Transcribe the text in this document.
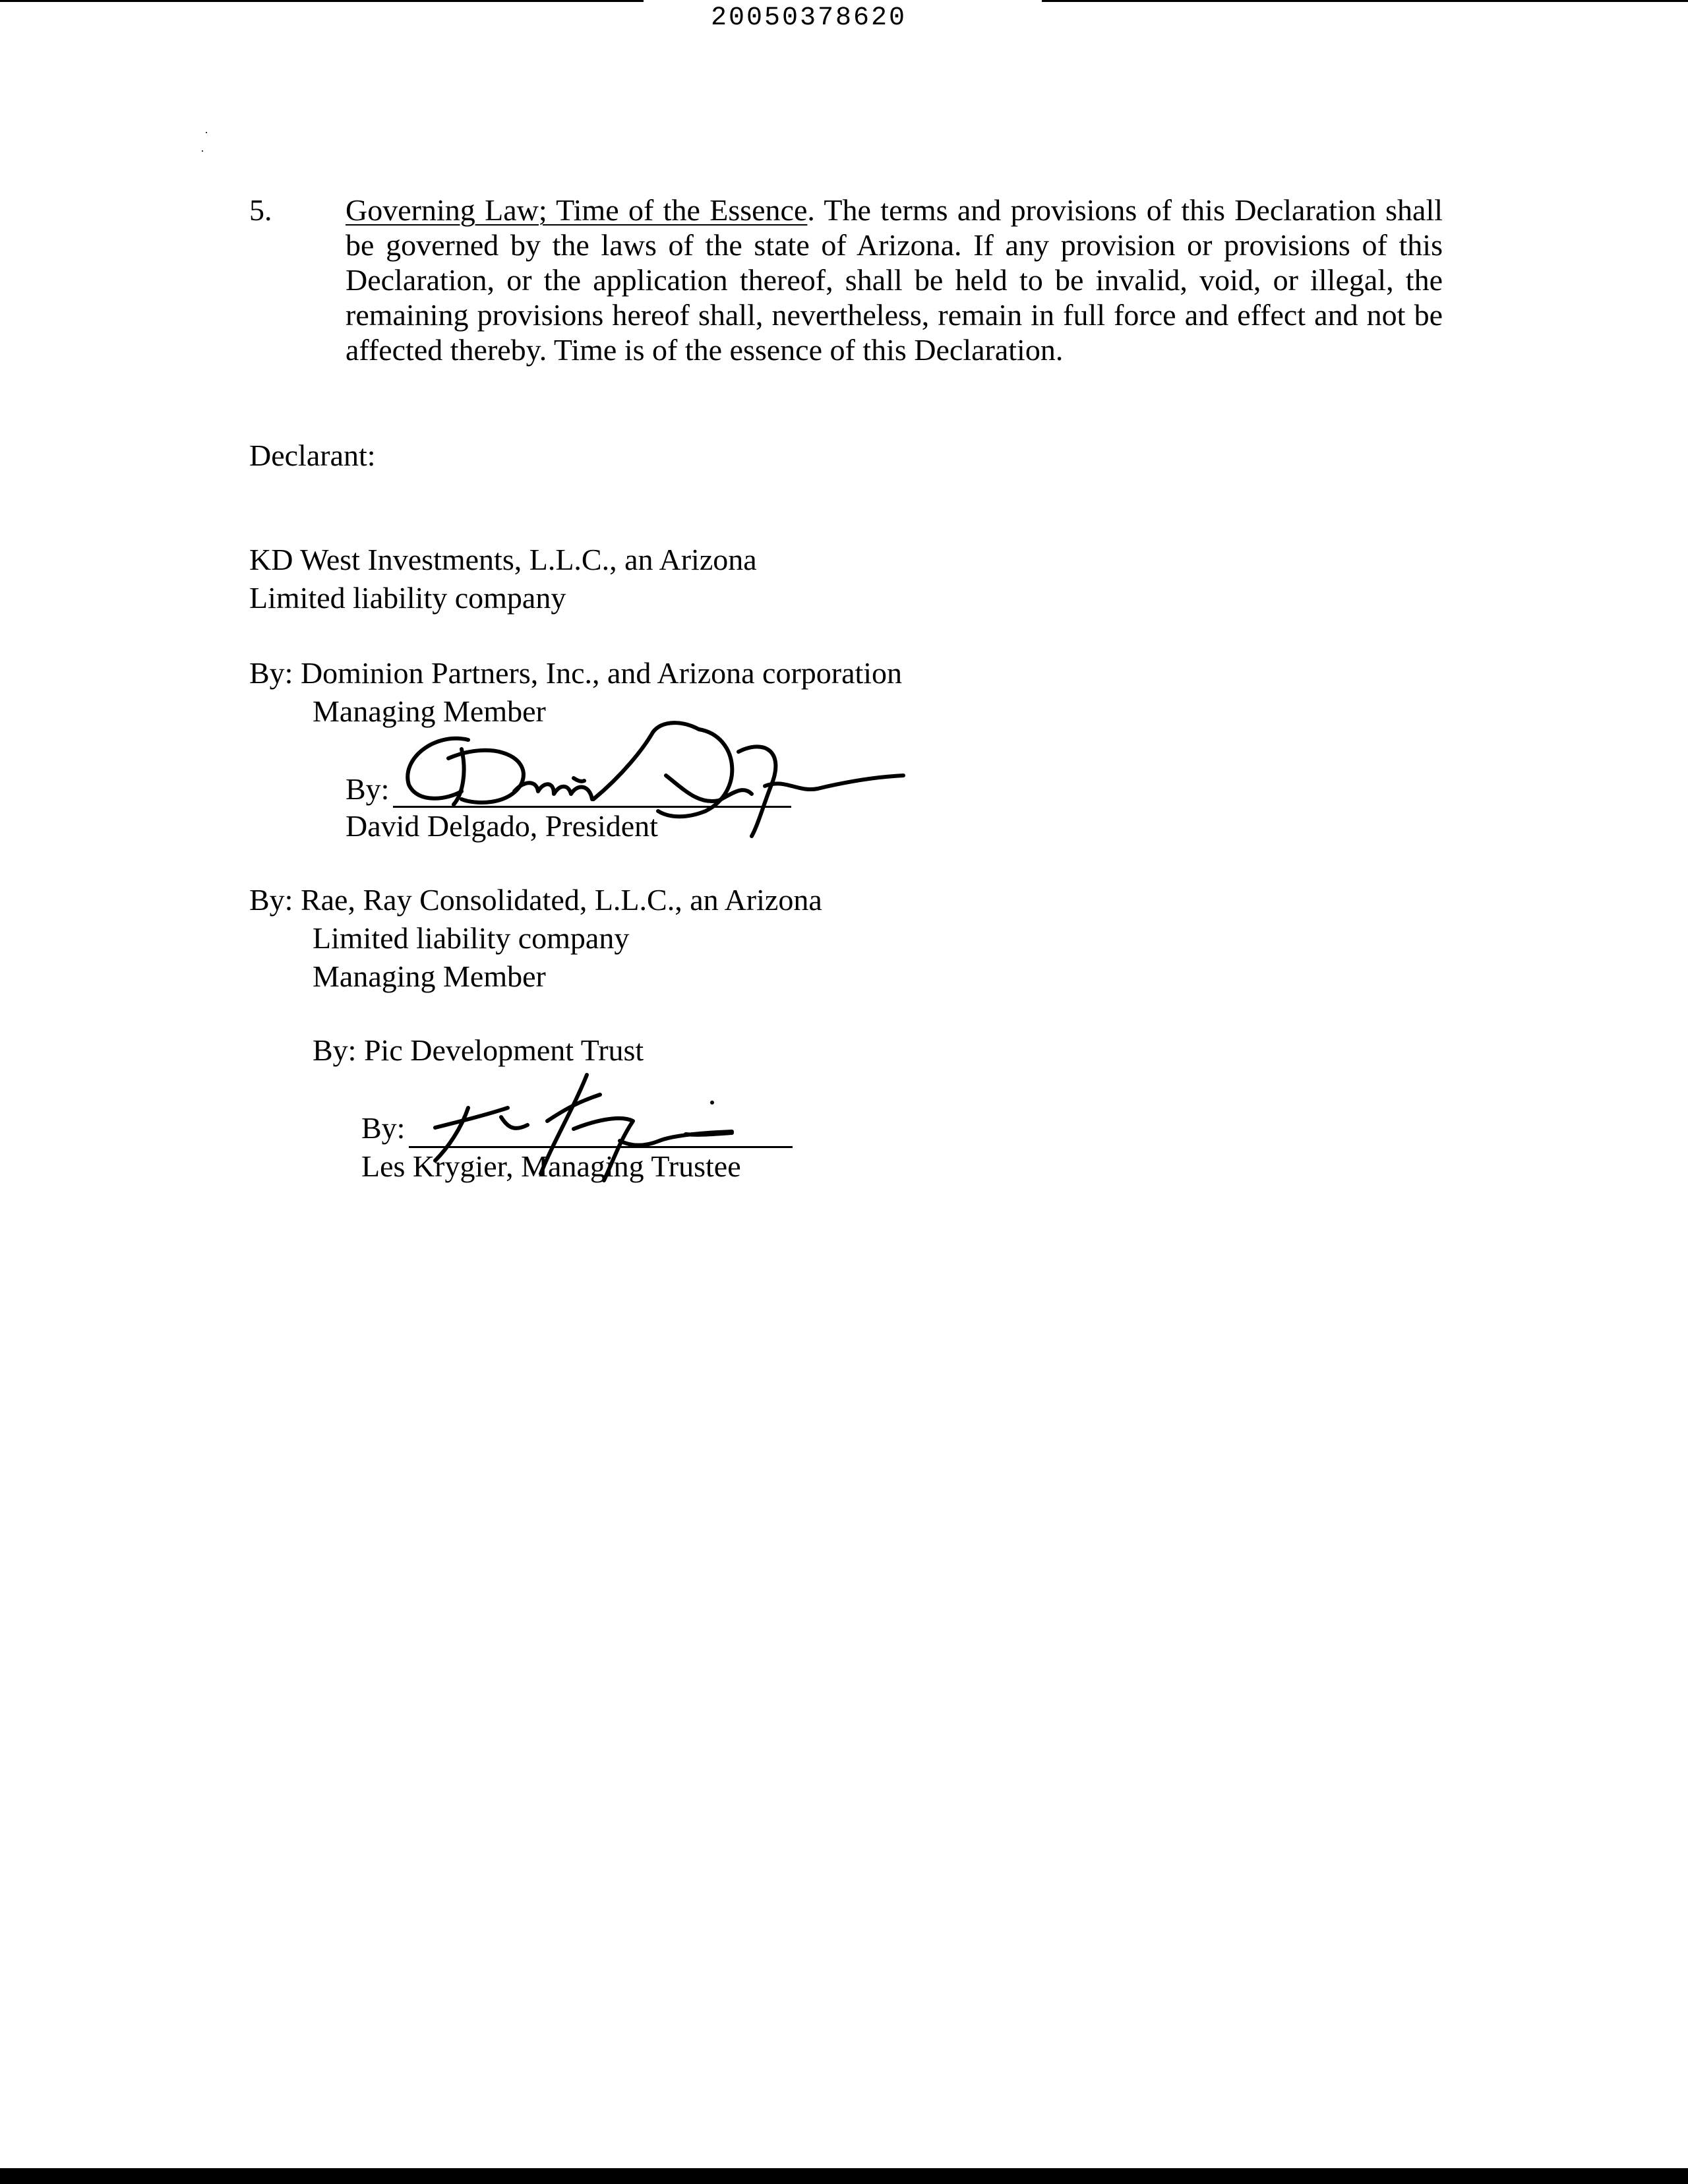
20050378620
5. Governing Law; Time of the Essence. The terms and provisions of this Declaration shall be governed by the laws of the state of Arizona. If any provision or provisions of this Declaration, or the application thereof, shall be held to be invalid, void, or illegal, the remaining provisions hereof shall, nevertheless, remain in full force and effect and not be affected thereby. Time is of the essence of this Declaration.
Declarant:
KD West Investments, L.L.C., an Arizona
Limited liability company
By: Dominion Partners, Inc., and Arizona corporation
Managing Member
By:
David Delgado, President
By: Rae, Ray Consolidated, L.L.C., an Arizona
Limited liability company
Managing Member
By: Pic Development Trust
By:
Les Krygier, Managing Trustee
